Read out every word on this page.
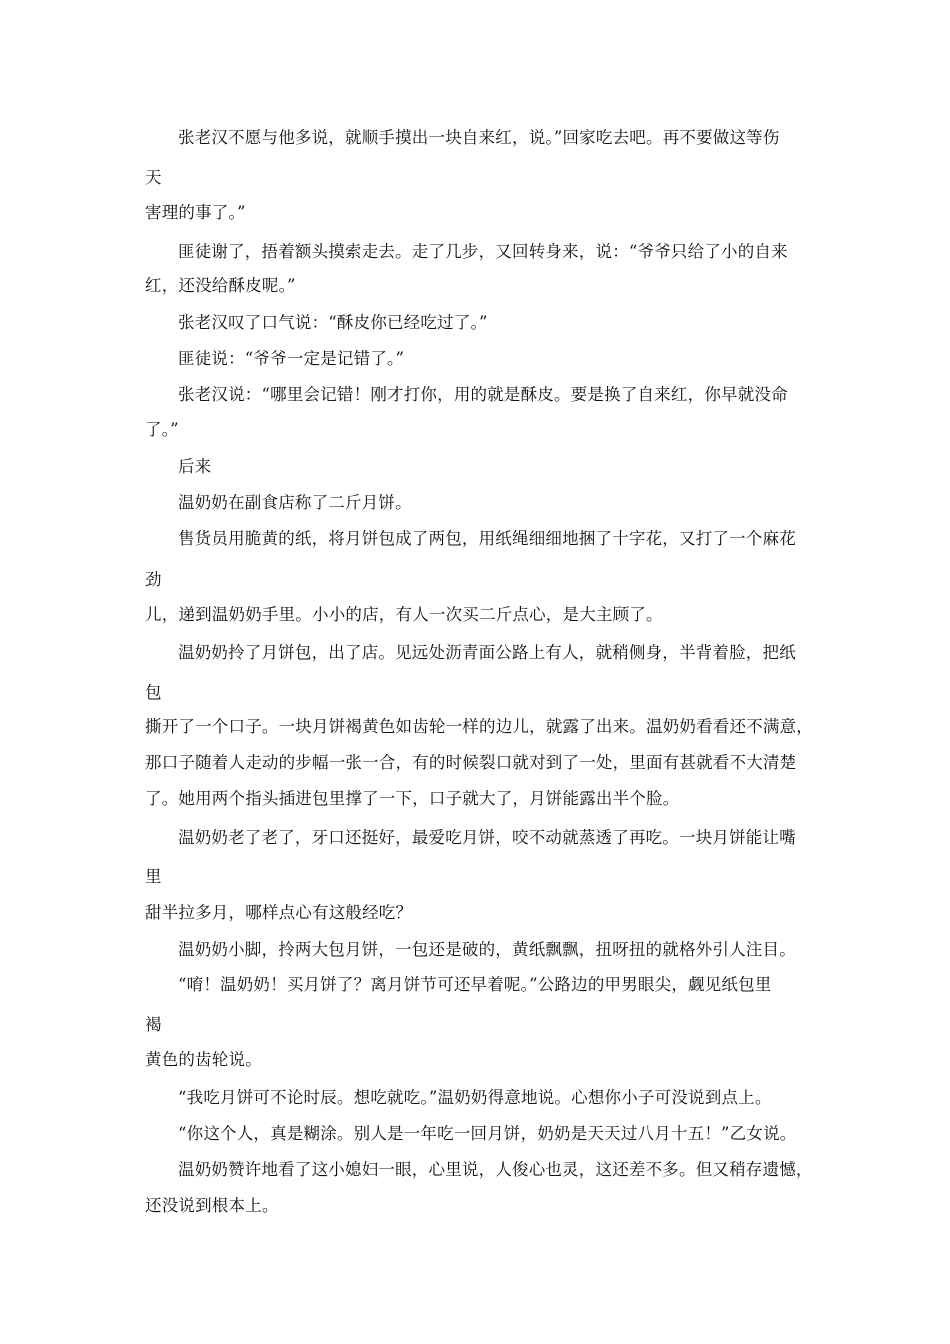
张老汉不愿与他多说，就顺手摸出一块自来红，说。”回家吃去吧。再不要做这等伤
天
害理的事了。”
匪徒谢了，捂着额头摸索走去。走了几步，又回转身来，说：“爷爷只给了小的自来
红，还没给酥皮呢。”
张老汉叹了口气说：“酥皮你已经吃过了。”
匪徒说：“爷爷一定是记错了。”
张老汉说：“哪里会记错！刚才打你，用的就是酥皮。要是换了自来红，你早就没命
了。”
后来
温奶奶在副食店称了二斤月饼。
售货员用脆黄的纸，将月饼包成了两包，用纸绳细细地捆了十字花，又打了一个麻花
劲
儿，递到温奶奶手里。小小的店，有人一次买二斤点心，是大主顾了。
温奶奶拎了月饼包，出了店。见远处沥青面公路上有人，就稍侧身，半背着脸，把纸
包
撕开了一个口子。一块月饼褐黄色如齿轮一样的边儿，就露了出来。温奶奶看看还不满意，
那口子随着人走动的步幅一张一合，有的时候裂口就对到了一处，里面有甚就看不大清楚
了。她用两个指头插进包里撑了一下，口子就大了，月饼能露出半个脸。
温奶奶老了老了，牙口还挺好，最爱吃月饼，咬不动就蒸透了再吃。一块月饼能让嘴
里
甜半拉多月，哪样点心有这般经吃？
温奶奶小脚，拎两大包月饼，一包还是破的，黄纸飘飘，扭呀扭的就格外引人注目。
“唷！温奶奶！买月饼了？离月饼节可还早着呢。”公路边的甲男眼尖，觑见纸包里
褐
黄色的齿轮说。
“我吃月饼可不论时辰。想吃就吃。”温奶奶得意地说。心想你小子可没说到点上。
“你这个人，真是糊涂。别人是一年吃一回月饼，奶奶是天天过八月十五！”乙女说。
温奶奶赞许地看了这小媳妇一眼，心里说，人俊心也灵，这还差不多。但又稍存遗憾，
还没说到根本上。
